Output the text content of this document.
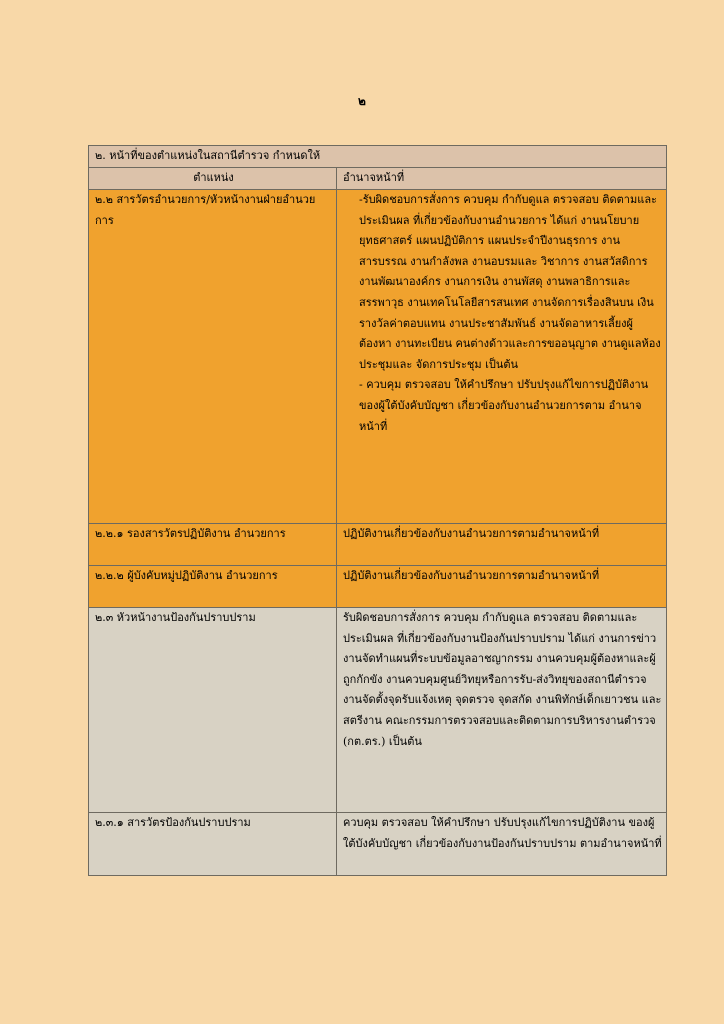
๒
๒. หน้าที่ของตำแหน่งในสถานีตำรวจ กำหนดให้	
ตำแหน่ง	อำนาจหน้าที่
๒.๒ สารวัตรอำนวยการ/หัวหน้างานฝ่ายอำนวยการ	-รับผิดชอบการสั่งการ ควบคุม กำกับดูแล ตรวจสอบ ติดตามและประเมินผล ที่เกี่ยวข้องกับงานอำนวยการ ได้แก่ งานนโยบาย ยุทธศาสตร์ แผนปฏิบัติการ แผนประจำปีงานธุรการ งานสารบรรณ งานกำลังพล งานอบรมและ วิชาการ งานสวัสดิการ งานพัฒนาองค์กร งานการเงิน งานพัสดุ งานพลาธิการและสรรพาวุธ งานเทคโนโลยีสารสนเทศ งานจัดการเรื่องสินบน เงินรางวัลค่าตอบแทน งานประชาสัมพันธ์ งานจัดอาหารเลี้ยงผู้ต้องหา งานทะเบียน คนต่างด้าวและการขออนุญาต งานดูแลห้องประชุมและ จัดการประชุม เป็นต้น
- ควบคุม ตรวจสอบ ให้คำปรึกษา ปรับปรุงแก้ไขการปฏิบัติงาน ของผู้ใต้บังคับบัญชา เกี่ยวข้องกับงานอำนวยการตาม อำนาจหน้าที่

๒.๒.๑ รองสารวัตรปฏิบัติงาน อำนวยการ	ปฏิบัติงานเกี่ยวข้องกับงานอำนวยการตามอำนาจหน้าที่
๒.๒.๒ ผู้บังคับหมู่ปฏิบัติงาน อำนวยการ	ปฏิบัติงานเกี่ยวข้องกับงานอำนวยการตามอำนาจหน้าที่
๒.๓ หัวหน้างานป้องกันปราบปราม	รับผิดชอบการสั่งการ ควบคุม กำกับดูแล ตรวจสอบ ติดตามและประเมินผล ที่เกี่ยวข้องกับงานป้องกันปราบปราม ได้แก่ งานการข่าว งานจัดทำแผนที่ระบบข้อมูลอาชญากรรม งานควบคุมผู้ต้องหาและผู้ถูกกักขัง งานควบคุมศูนย์วิทยุหรือการรับ-ส่งวิทยุของสถานีตำรวจ งานจัดตั้งจุดรับแจ้งเหตุ จุดตรวจ จุดสกัด งานพิทักษ์เด็กเยาวชน และสตรีงาน คณะกรรมการตรวจสอบและติดตามการบริหารงานตำรวจ (กต.ตร.) เป็นต้น
๒.๓.๑ สารวัตรป้องกันปราบปราม	ควบคุม ตรวจสอบ ให้คำปรึกษา ปรับปรุงแก้ไขการปฏิบัติงาน ของผู้ใต้บังคับบัญชา เกี่ยวข้องกับงานป้องกันปราบปราม ตามอำนาจหน้าที่
